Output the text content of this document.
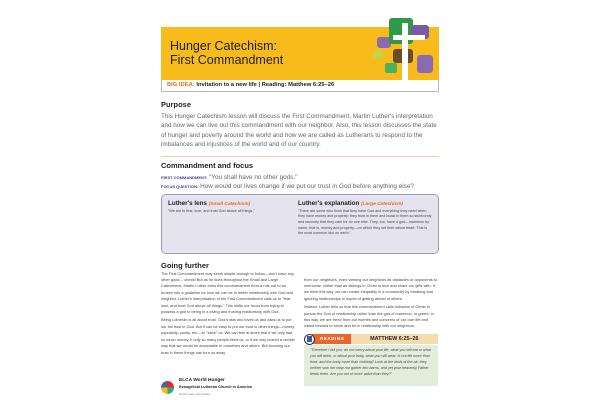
Hunger Catechism:
First Commandment
BIG IDEA: Invitation to a new life | Reading: Matthew 6:25–26
Purpose

This Hunger Catechism lesson will discuss the First Commandment, Martin Luther's interpretation and how we can live out this commandment with our neighbor. Also, this lesson discusses the state of hunger and poverty around the world and how we are called as Lutherans to respond to the imbalances and injustices of the world and of our country.

Commandment and focus
FIRST COMMANDMENT: "You shall have no other gods."
FOCUS QUESTION: How would our lives change if we put our trust in God before anything else?
Luther's lens (Small Catechism)

"We are to fear, love, and trust God above all things."

Luther's explanation (Large Catechism)

"There are some who think that they have God and everything they need when they have money and property; they trust in them and boast in them so stubbornly and securely that they care for no one else. They, too, have a god—mammon by name, that is, money and property—on which they set their whole heart. This is the most common idol on earth."

Going further

The First Commandment may seem simple enough to follow—don't have any other gods… check! But as he does throughout the Small and Large Catechisms, Martin Luther turns this commandment from a rule not to be broken into a guideline for how we can be in better relationship with God and neighbor. Luther's interpretation of the First Commandment calls us to "fear, love, and trust God above all things." This shifts our focus from trying to possess a god to being in a loving and trusting relationship with God.

Being Lutheran is all about trust. God trusts and loves us and asks us to put our full trust in God. But it can be easy to put our trust in other things—money, popularity, vanity, etc.—to "save" us. We can feel at times that if we only had so much money, if only so many people liked us, or if we only looked a certain way that we would be acceptable to ourselves and others. But focusing our trust in these things can turn us away

ELCA World Hunger
Evangelical Lutheran Church in America
God's work. Our hands.

from our neighbors, even viewing our neighbors as obstacles or opponents to overcome, rather than as siblings in Christ to love and share our gifts with. If we think this way, we can create inequality in a community by breaking and ignoring relationships in hopes of getting ahead of others.

Instead, Luther tells us that this commandment calls followers of Christ to pursue the God of relationship rather than the god of mammon, or greed. In this way, we are freed from our worries and concerns of our own life and called forward to serve and be in relationship with our neighbors.

READING	MATTHEW 6:25–26
"Therefore I tell you, do not worry about your life, what you will eat or what you will drink, or about your body, what you will wear. Is not life more than food, and the body more than clothing? Look at the birds of the air; they neither sow nor reap nor gather into barns, and yet your heavenly Father feeds them. Are you not of more value than they?"
